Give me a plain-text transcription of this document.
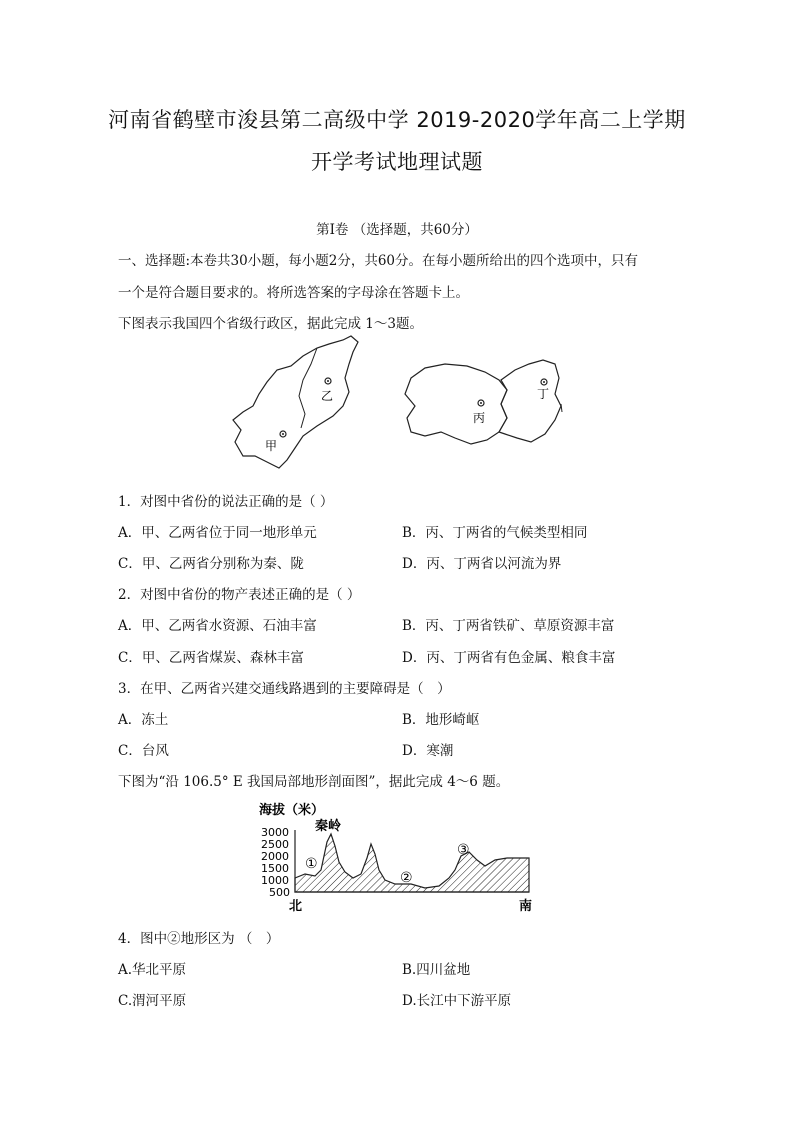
河南省鹤壁市浚县第二高级中学 2019-2020学年高二上学期
开学考试地理试题
第Ⅰ卷 （选择题，共60分）
一、选择题:本卷共30小题，每小题2分，共60分。在每小题所给出的四个选项中，只有
一个是符合题目要求的。将所选答案的字母涂在答题卡上。
下图表示我国四个省级行政区，据此完成 1～3题。
乙
甲
丙
丁
1．对图中省份的说法正确的是（ ）
A．甲、乙两省位于同一地形单元	B．丙、丁两省的气候类型相同
C．甲、乙两省分别称为秦、陇	D．丙、丁两省以河流为界
2．对图中省份的物产表述正确的是（ ）
A．甲、乙两省水资源、石油丰富	B．丙、丁两省铁矿、草原资源丰富
C．甲、乙两省煤炭、森林丰富	D．丙、丁两省有色金属、粮食丰富
3．在甲、乙两省兴建交通线路遇到的主要障碍是（　）
A．冻土	B．地形崎岖
C．台风	D．寒潮
下图为“沿 106.5° E 我国局部地形剖面图”，据此完成 4～6 题。
海拔（米）
秦岭
3000
2500
2000
1500
1000
500
①
②
③
北	南
4．图中②地形区为 （　）
A.华北平原	B.四川盆地
C.渭河平原	D.长江中下游平原
